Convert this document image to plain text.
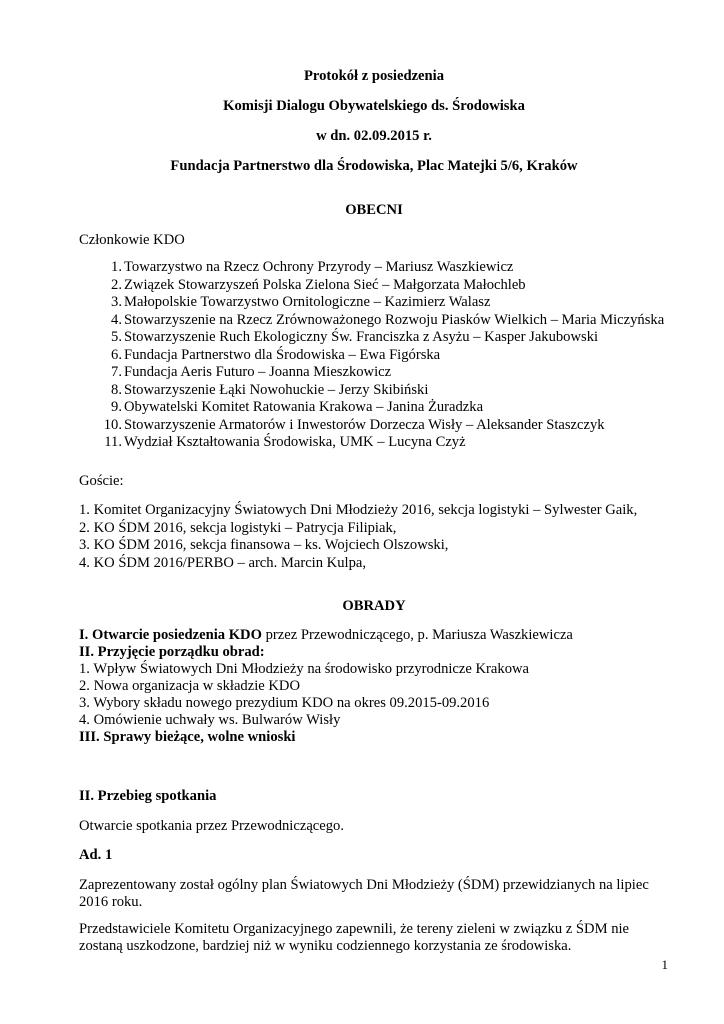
Protokół z posiedzenia
Komisji Dialogu Obywatelskiego ds. Środowiska
w dn. 02.09.2015 r.
Fundacja Partnerstwo dla Środowiska, Plac Matejki 5/6, Kraków
OBECNI
Członkowie KDO
1. Towarzystwo na Rzecz Ochrony Przyrody – Mariusz Waszkiewicz
2. Związek Stowarzyszeń Polska Zielona Sieć – Małgorzata Małochleb
3. Małopolskie Towarzystwo Ornitologiczne – Kazimierz Walasz
4. Stowarzyszenie na Rzecz Zrównoważonego Rozwoju Piasków Wielkich – Maria Miczyńska
5. Stowarzyszenie Ruch Ekologiczny Św. Franciszka z Asyżu – Kasper Jakubowski
6. Fundacja Partnerstwo dla Środowiska – Ewa Figórska
7. Fundacja Aeris Futuro – Joanna Mieszkowicz
8. Stowarzyszenie Łąki Nowohuckie – Jerzy Skibiński
9. Obywatelski Komitet Ratowania Krakowa – Janina Żuradzka
10. Stowarzyszenie Armatorów i Inwestorów Dorzecza Wisły – Aleksander Staszczyk
11. Wydział Kształtowania Środowiska, UMK – Lucyna Czyż
Goście:
1. Komitet Organizacyjny Światowych Dni Młodzieży 2016, sekcja logistyki – Sylwester Gaik,
2. KO ŚDM 2016, sekcja logistyki – Patrycja Filipiak,
3. KO ŚDM 2016, sekcja finansowa – ks. Wojciech Olszowski,
4. KO ŚDM 2016/PERBO – arch. Marcin Kulpa,
OBRADY
I. Otwarcie posiedzenia KDO przez Przewodniczącego, p. Mariusza Waszkiewicza
II. Przyjęcie porządku obrad:
1. Wpływ Światowych Dni Młodzieży na środowisko przyrodnicze Krakowa
2. Nowa organizacja w składzie KDO
3. Wybory składu nowego prezydium KDO na okres 09.2015-09.2016
4. Omówienie uchwały ws. Bulwarów Wisły
III. Sprawy bieżące, wolne wnioski
II. Przebieg spotkania
Otwarcie spotkania przez Przewodniczącego.
Ad. 1
Zaprezentowany został ogólny plan Światowych Dni Młodzieży (ŚDM) przewidzianych na lipiec
2016 roku.
Przedstawiciele Komitetu Organizacyjnego zapewnili, że tereny zieleni w związku z ŚDM nie
zostaną uszkodzone, bardziej niż w wyniku codziennego korzystania ze środowiska.
1
